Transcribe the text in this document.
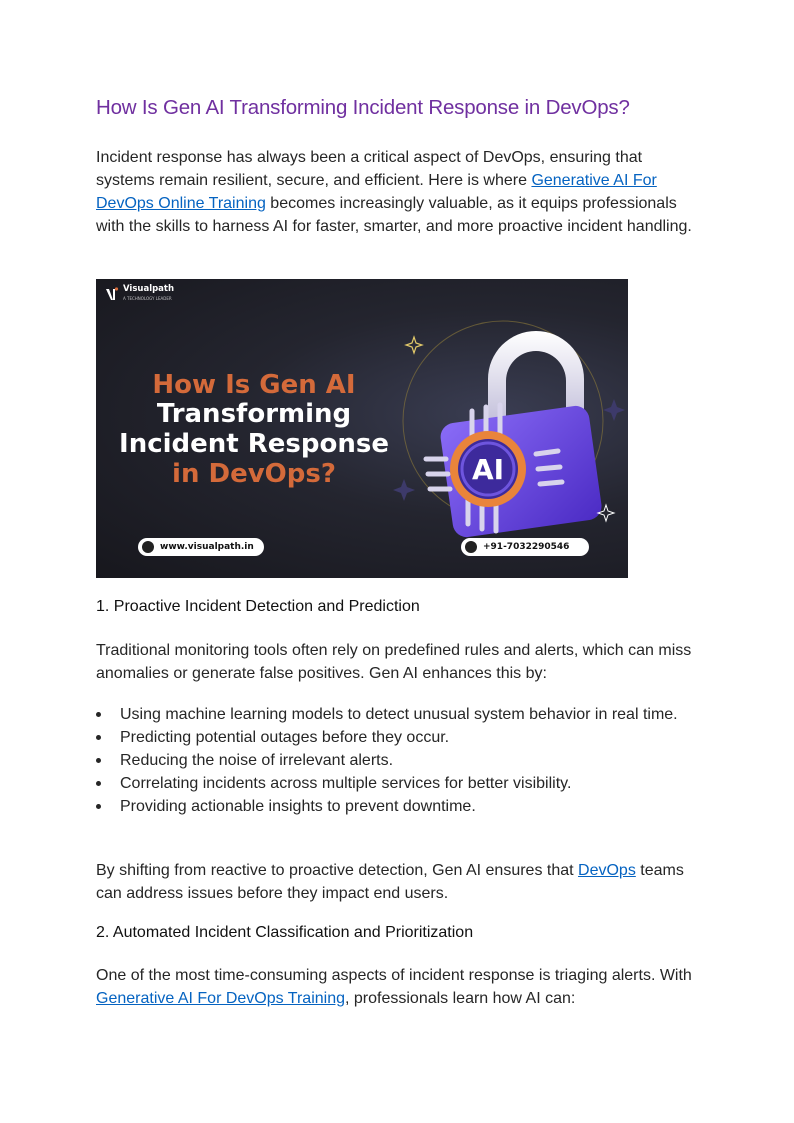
How Is Gen AI Transforming Incident Response in DevOps?

Incident response has always been a critical aspect of DevOps, ensuring that systems remain resilient, secure, and efficient. Here is where Generative AI For DevOps Online Training becomes increasingly valuable, as it equips professionals with the skills to harness AI for faster, smarter, and more proactive incident handling.

Visualpath
A TECHNOLOGY LEADER
How Is Gen AI
Transforming
Incident Response
in DevOps?	AI
www.visualpath.in	+91-7032290546
1. Proactive Incident Detection and Prediction

Traditional monitoring tools often rely on predefined rules and alerts, which can miss anomalies or generate false positives. Gen AI enhances this by:

Using machine learning models to detect unusual system behavior in real time.
Predicting potential outages before they occur.
Reducing the noise of irrelevant alerts.
Correlating incidents across multiple services for better visibility.
Providing actionable insights to prevent downtime.

By shifting from reactive to proactive detection, Gen AI ensures that DevOps teams can address issues before they impact end users.

2. Automated Incident Classification and Prioritization

One of the most time-consuming aspects of incident response is triaging alerts. With Generative AI For DevOps Training, professionals learn how AI can:
